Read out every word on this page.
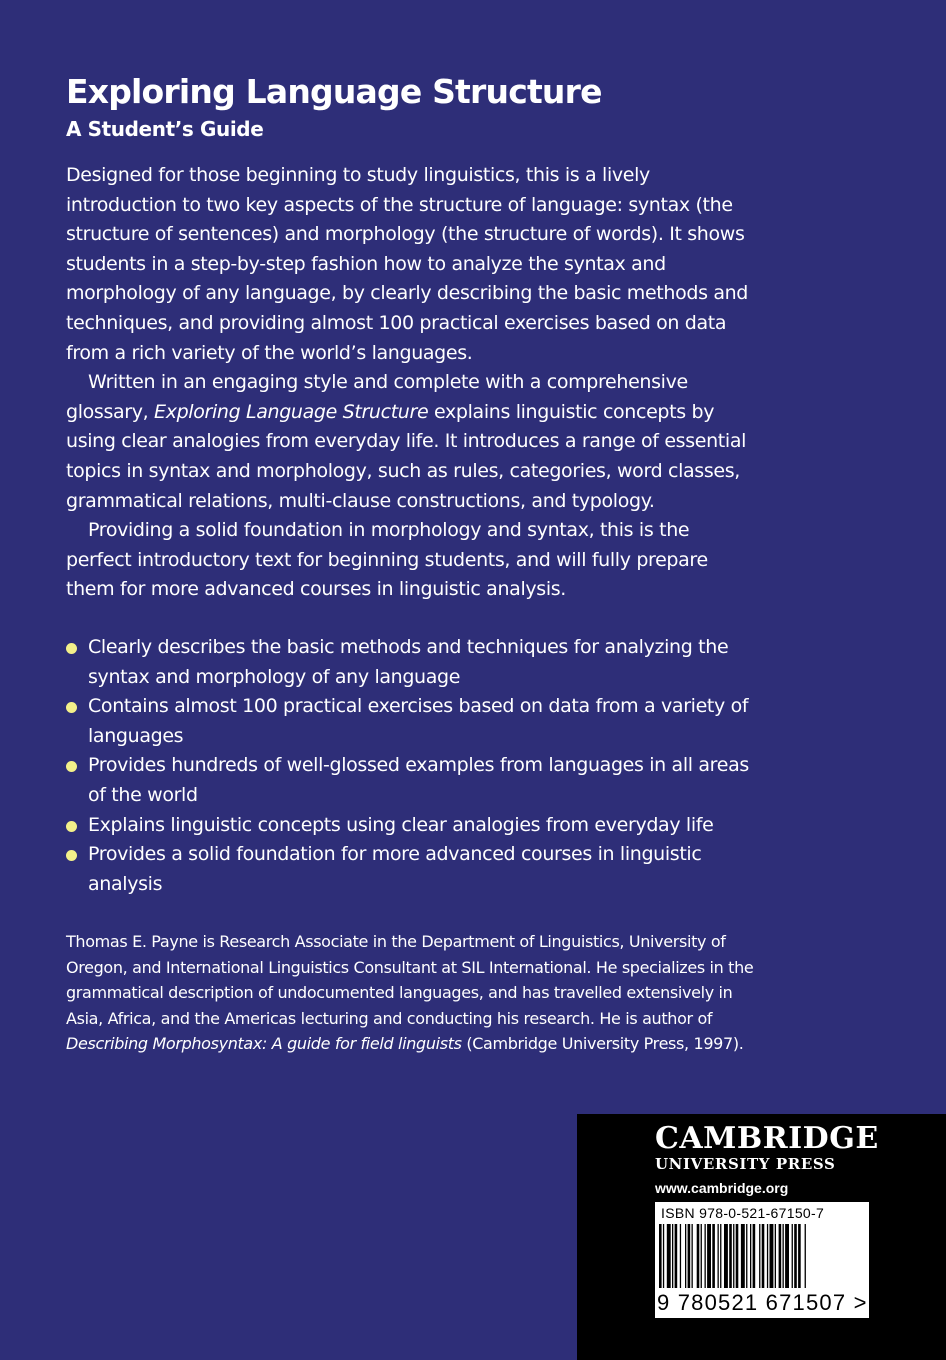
Exploring Language Structure
A Student’s Guide

Designed for those beginning to study linguistics, this is a lively introduction to two key aspects of the structure of language: syntax (the structure of sentences) and morphology (the structure of words). It shows students in a step-by-step fashion how to analyze the syntax and morphology of any language, by clearly describing the basic methods and techniques, and providing almost 100 practical exercises based on data from a rich variety of the world’s languages.

Written in an engaging style and complete with a comprehensive glossary, Exploring Language Structure explains linguistic concepts by using clear analogies from everyday life. It introduces a range of essential topics in syntax and morphology, such as rules, categories, word classes, grammatical relations, multi-clause constructions, and typology.

Providing a solid foundation in morphology and syntax, this is the perfect introductory text for beginning students, and will fully prepare them for more advanced courses in linguistic analysis.

Clearly describes the basic methods and techniques for analyzing the syntax and morphology of any language
Contains almost 100 practical exercises based on data from a variety of languages
Provides hundreds of well-glossed examples from languages in all areas of the world
Explains linguistic concepts using clear analogies from everyday life
Provides a solid foundation for more advanced courses in linguistic analysis

Thomas E. Payne is Research Associate in the Department of Linguistics, University of Oregon, and International Linguistics Consultant at SIL International. He specializes in the grammatical description of undocumented languages, and has travelled extensively in Asia, Africa, and the Americas lecturing and conducting his research. He is author of Describing Morphosyntax: A guide for field linguists (Cambridge University Press, 1997).

CAMBRIDGE
UNIVERSITY PRESS
www.cambridge.org
ISBN 978-0-521-67150-7
9 780521 671507 >
